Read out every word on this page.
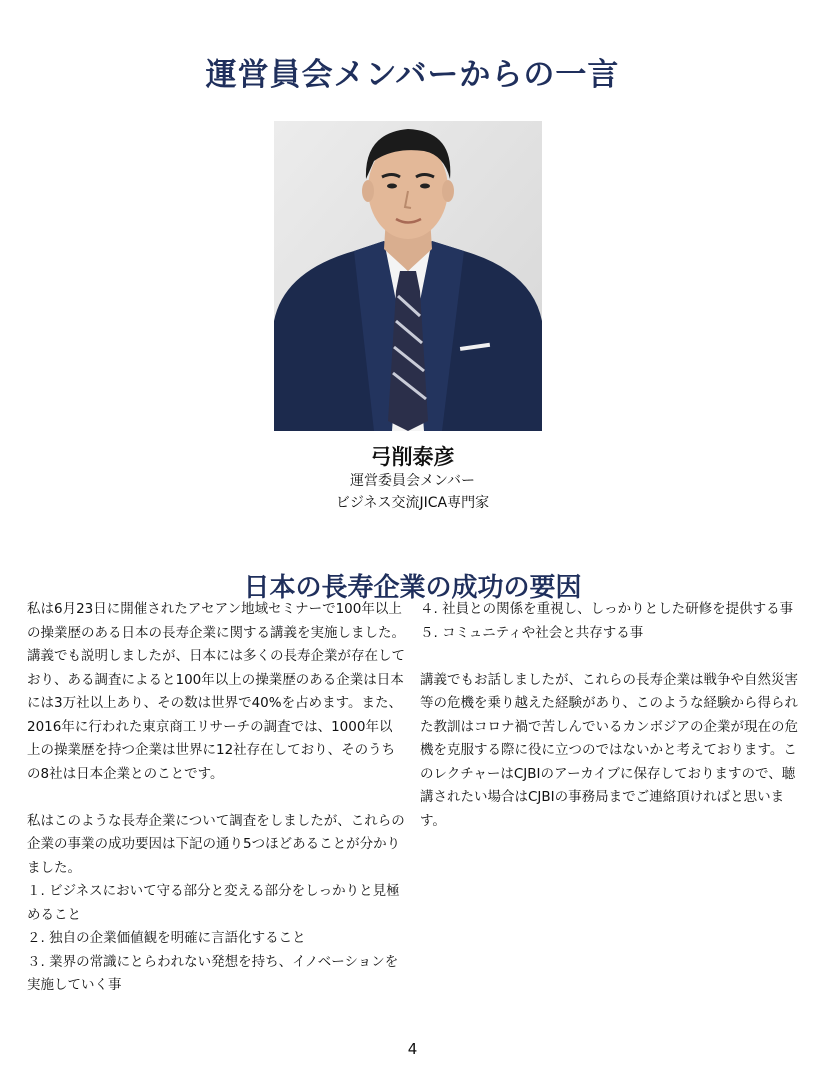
運営員会メンバーからの一言
弓削泰彦
運営委員会メンバー
ビジネス交流JICA専門家
日本の長寿企業の成功の要因

私は6月23日に開催されたアセアン地域セミナーで100年以上の操業歴のある日本の長寿企業に関する講義を実施しました。講義でも説明しましたが、日本には多くの長寿企業が存在しており、ある調査によると100年以上の操業歴のある企業は日本には3万社以上あり、その数は世界で40%を占めます。また、2016年に行われた東京商工リサーチの調査では、1000年以上の操業歴を持つ企業は世界に12社存在しており、そのうちの8社は日本企業とのことです。

私はこのような長寿企業について調査をしましたが、これらの企業の事業の成功要因は下記の通り5つほどあることが分かりました。

１. ビジネスにおいて守る部分と変える部分をしっかりと見極めること

２. 独自の企業価値観を明確に言語化すること

３. 業界の常識にとらわれない発想を持ち、イノベーションを実施していく事

４. 社員との関係を重視し、しっかりとした研修を提供する事

５. コミュニティや社会と共存する事

講義でもお話しましたが、これらの長寿企業は戦争や自然災害等の危機を乗り越えた経験があり、このような経験から得られた教訓はコロナ禍で苦しんでいるカンボジアの企業が現在の危機を克服する際に役に立つのではないかと考えております。このレクチャーはCJBIのアーカイブに保存しておりますので、聴講されたい場合はCJBIの事務局までご連絡頂ければと思います。

4
